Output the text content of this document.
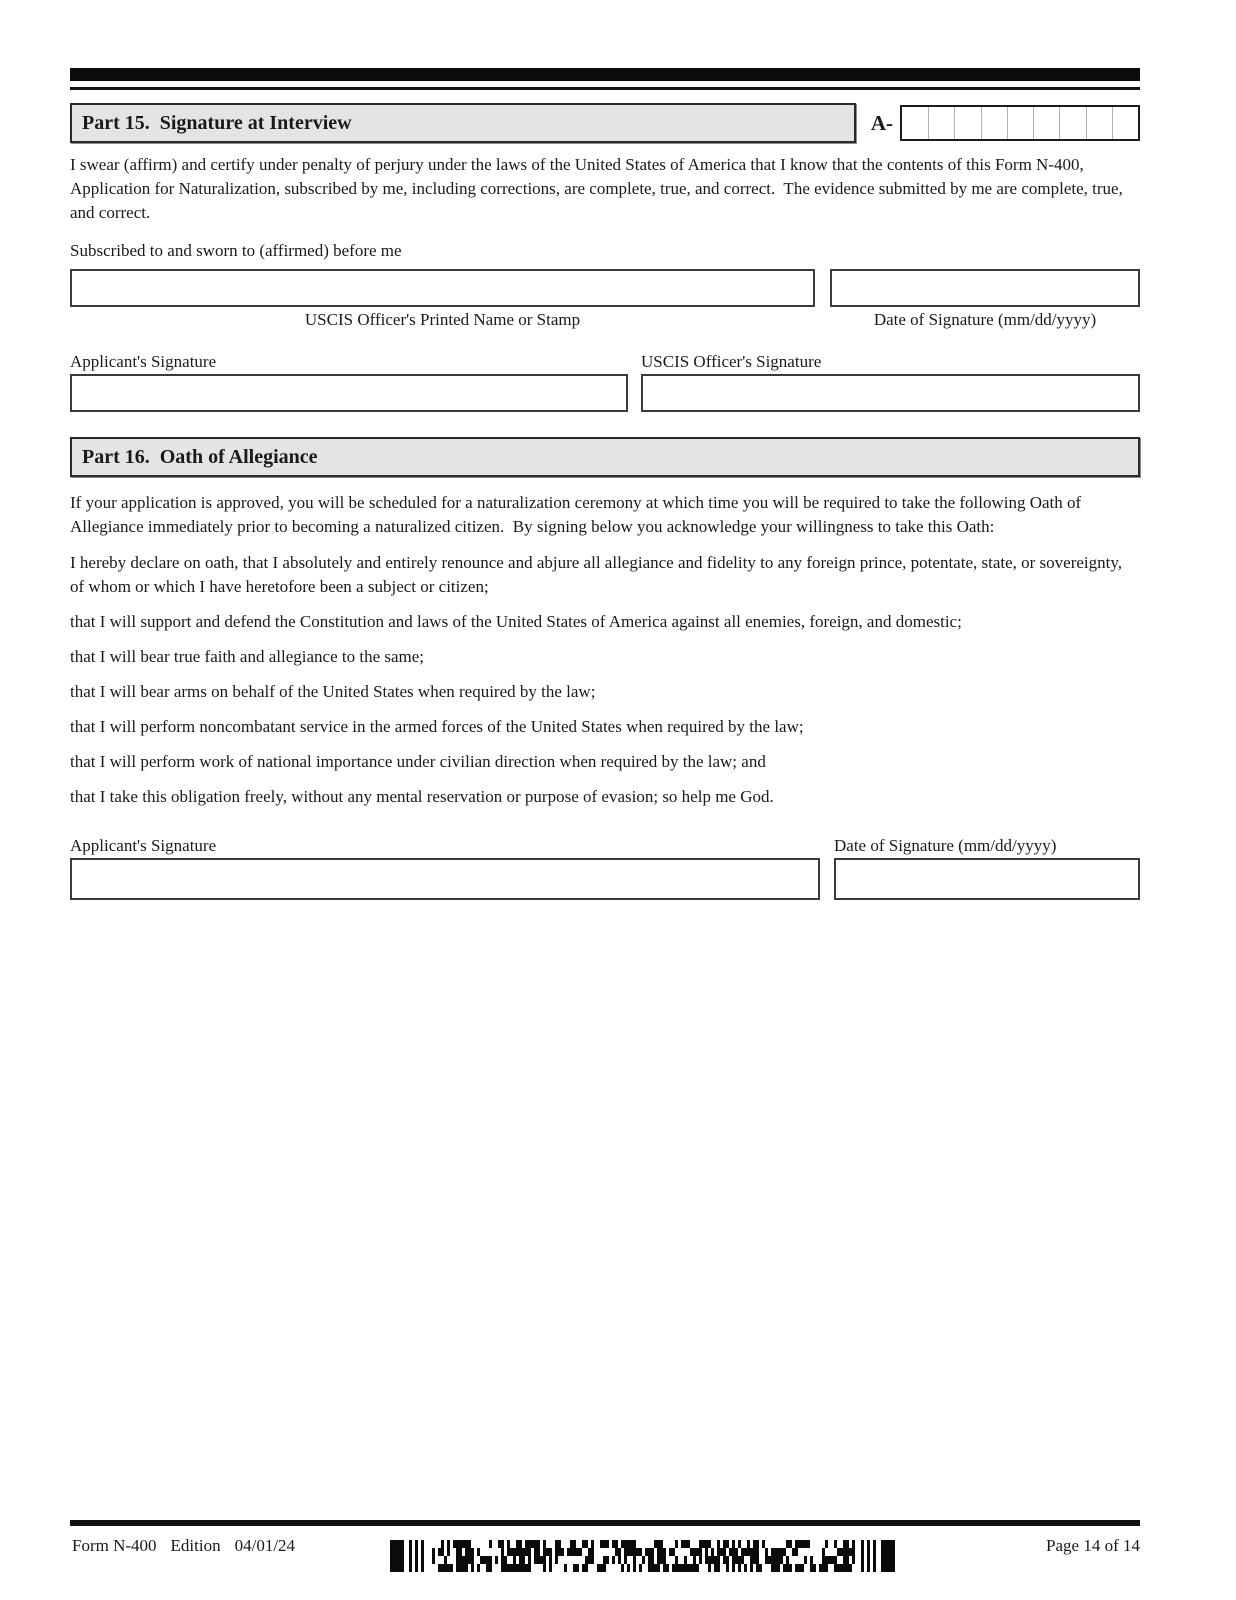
Part 15.  Signature at Interview	A-

I swear (affirm) and certify under penalty of perjury under the laws of the United States of America that I know that the contents of this Form N-400, Application for Naturalization, subscribed by me, including corrections, are complete, true, and correct.  The evidence submitted by me are complete, true, and correct.

Subscribed to and sworn to (affirmed) before me

USCIS Officer's Printed Name or Stamp	Date of Signature (mm/dd/yyyy)
Applicant's Signature	USCIS Officer's Signature
Part 16.  Oath of Allegiance

If your application is approved, you will be scheduled for a naturalization ceremony at which time you will be required to take the following Oath of Allegiance immediately prior to becoming a naturalized citizen.  By signing below you acknowledge your willingness to take this Oath:

I hereby declare on oath, that I absolutely and entirely renounce and abjure all allegiance and fidelity to any foreign prince, potentate, state, or sovereignty, of whom or which I have heretofore been a subject or citizen;

that I will support and defend the Constitution and laws of the United States of America against all enemies, foreign, and domestic;

that I will bear true faith and allegiance to the same;

that I will bear arms on behalf of the United States when required by the law;

that I will perform noncombatant service in the armed forces of the United States when required by the law;

that I will perform work of national importance under civilian direction when required by the law; and

that I take this obligation freely, without any mental reservation or purpose of evasion; so help me God.

Applicant's Signature	Date of Signature (mm/dd/yyyy)
Form N-400 Edition 04/01/24	Page 14 of 14
